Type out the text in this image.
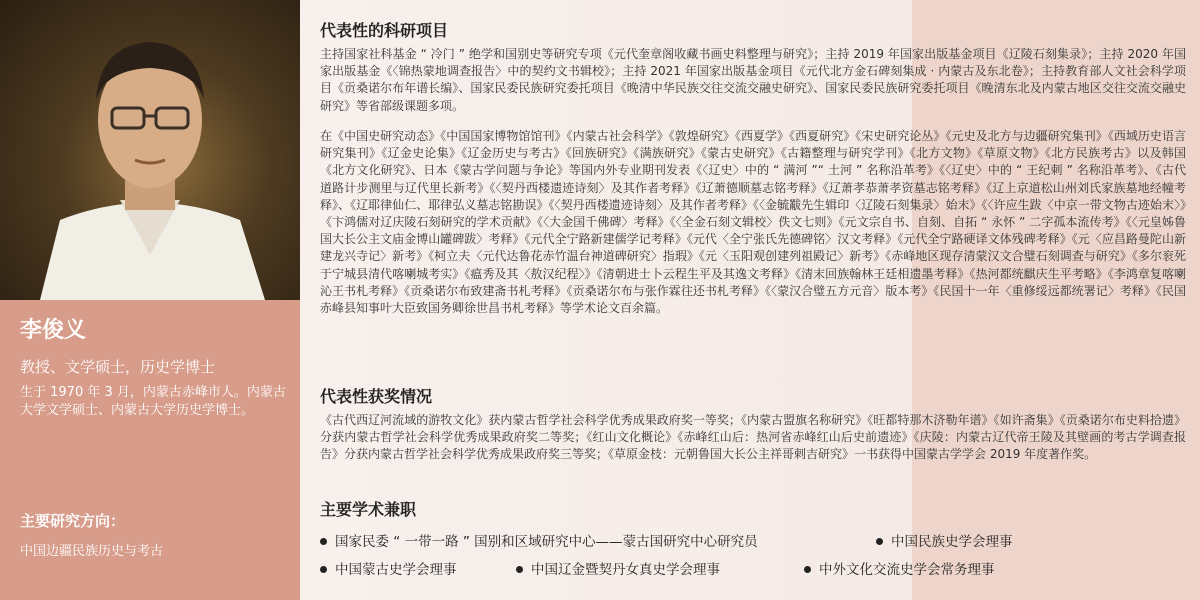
李俊义
教授、文学硕士，历史学博士
生于 1970 年 3 月，内蒙古赤峰市人。内蒙古大学文学硕士、内蒙古大学历史学博士。
主要研究方向：
中国边疆民族历史与考古
代表性的科研项目
主持国家社科基金 “ 冷门 ” 绝学和国别史等研究专项《元代奎章阁收藏书画史料整理与研究》；主持 2019 年国家出版基金项目《辽陵石刻集录》；主持 2020 年国家出版基金《〈锦热蒙地调查报告〉中的契约文书辑校》；主持 2021 年国家出版基金项目《元代北方金石碑刻集成 · 内蒙古及东北卷》；主持教育部人文社会科学项目《贡桑诺尔布年谱长编》、国家民委民族研究委托项目《晚清中华民族交往交流交融史研究》、国家民委民族研究委托项目《晚清东北及内蒙古地区交往交流交融史研究》等省部级课题多项。
在《中国史研究动态》《中国国家博物馆馆刊》《内蒙古社会科学》《敦煌研究》《西夏学》《西夏研究》《宋史研究论丛》《元史及北方与边疆研究集刊》《西域历史语言研究集刊》《辽金史论集》《辽金历史与考古》《回族研究》《满族研究》《蒙古史研究》《古籍整理与研究学刊》《北方文物》《草原文物》《北方民族考古》以及韩国《北方文化研究》、日本《蒙古学问题与争论》等国内外专业期刊发表《〈辽史〉中的 “ 满河 ”“ 土河 ” 名称沿革考》《〈辽史〉中的 “ 王纪刺 ” 名称沿革考》、《古代道路计步测里与辽代里长新考》《〈契丹西楼遗迹诗刻〉及其作者考释》《辽萧德顺墓志铭考释》《辽萧孝恭萧孝资墓志铭考释》《辽上京道松山州刘氏家族墓地经幢考释》、《辽耶律仙仁、耶律弘义墓志铭勘误》《〈契丹西楼遗迹诗刻〉及其作者考释》《〈金毓黻先生辑印〈辽陵石刻集录〉始末》《〈许应生跋〈中京一带文物古迹始末〉》《卞鸿儒对辽庆陵石刻研究的学术贡献》《〈大金国千佛碑〉考释》《〈全金石刻文辑校〉佚文七则》《元文宗自书、自刻、自拓 “ 永怀 ” 二字孤本流传考》《〈元皇姊鲁国大长公主文庙金博山罐碑跋〉考释》《元代全宁路新建儒学记考释》《元代〈全宁张氏先德碑铭〉汉文考释》《元代全宁路硬译文体残碑考释》《元〈应昌路曼陀山新建龙兴寺记〉新考》《柯立夫〈元代达鲁花赤竹温台神道碑研究〉指瑕》《元〈玉阳观创建列祖殿记〉新考》《赤峰地区现存清蒙汉文合璧石刻调查与研究》《多尔衮死于宁城县清代喀喇城考实》《瘟秀及其〈敖汉纪程〉》《清朝进士卜云程生平及其逸文考释》《清末回族翰林王廷相遗墨考释》《热河都统麒庆生平考略》《李鸿章复喀喇沁王书札考释》《贡桑诺尔布致建斋书札考释》《贡桑诺尔布与张作霖往还书札考释》《〈蒙汉合璧五方元音〉版本考》《民国十一年〈重修绥远都统署记〉考释》《民国赤峰县知事叶大臣致国务卿徐世昌书札考释》等学术论文百余篇。
代表性获奖情况
《古代西辽河流域的游牧文化》获内蒙古哲学社会科学优秀成果政府奖一等奖；《内蒙古盟旗名称研究》《旺都特那木济勒年谱》《如许斋集》《贡桑诺尔布史料拾遗》分获内蒙古哲学社会科学优秀成果政府奖二等奖；《红山文化概论》《赤峰红山后：热河省赤峰红山后史前遗迹》《庆陵：内蒙古辽代帝王陵及其壁画的考古学调查报告》分获内蒙古哲学社会科学优秀成果政府奖三等奖；《草原金枝：元朝鲁国大长公主祥哥剌吉研究》一书获得中国蒙古学学会 2019 年度著作奖。
主要学术兼职
国家民委 “ 一带一路 ” 国别和区域研究中心——蒙古国研究中心研究员	中国民族史学会理事
中国蒙古史学会理事	中国辽金暨契丹女真史学会理事	中外文化交流史学会常务理事
